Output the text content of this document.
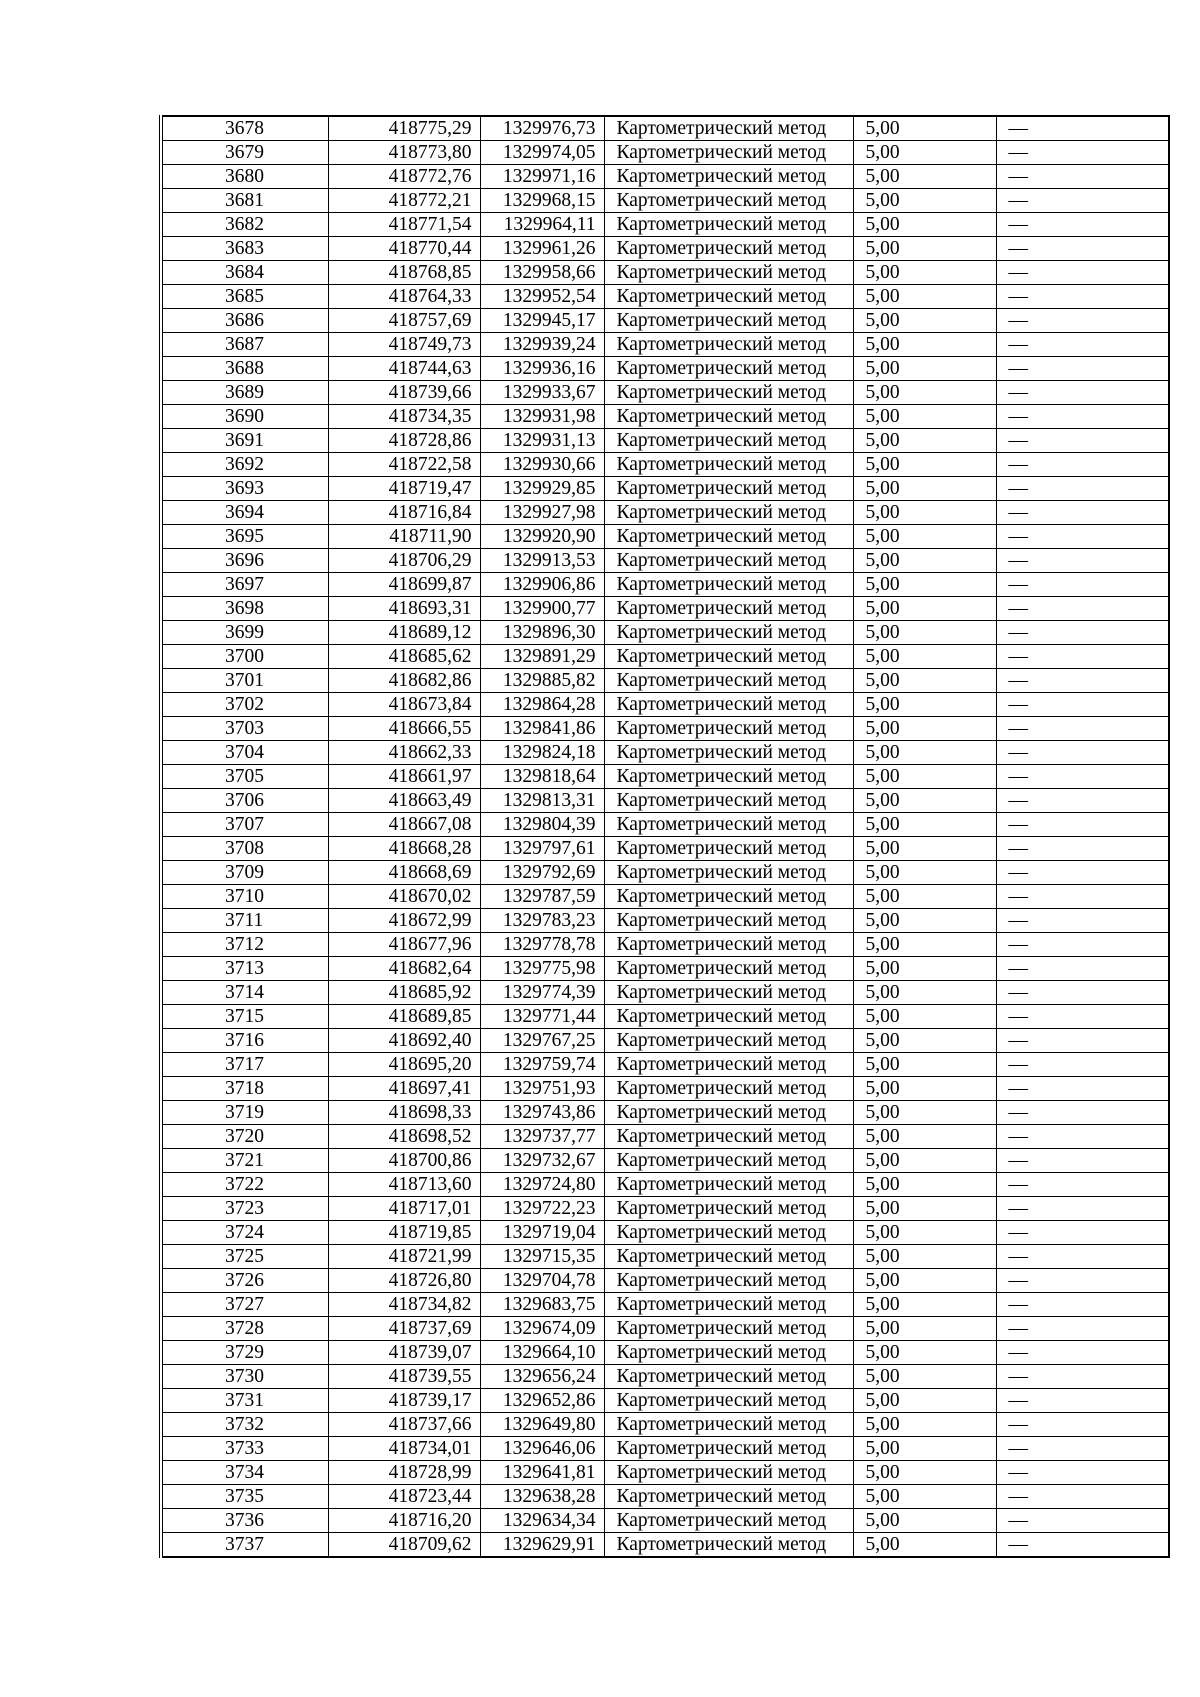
3678	418775,29	1329976,73	Картометрический метод	5,00	—
3679	418773,80	1329974,05	Картометрический метод	5,00	—
3680	418772,76	1329971,16	Картометрический метод	5,00	—
3681	418772,21	1329968,15	Картометрический метод	5,00	—
3682	418771,54	1329964,11	Картометрический метод	5,00	—
3683	418770,44	1329961,26	Картометрический метод	5,00	—
3684	418768,85	1329958,66	Картометрический метод	5,00	—
3685	418764,33	1329952,54	Картометрический метод	5,00	—
3686	418757,69	1329945,17	Картометрический метод	5,00	—
3687	418749,73	1329939,24	Картометрический метод	5,00	—
3688	418744,63	1329936,16	Картометрический метод	5,00	—
3689	418739,66	1329933,67	Картометрический метод	5,00	—
3690	418734,35	1329931,98	Картометрический метод	5,00	—
3691	418728,86	1329931,13	Картометрический метод	5,00	—
3692	418722,58	1329930,66	Картометрический метод	5,00	—
3693	418719,47	1329929,85	Картометрический метод	5,00	—
3694	418716,84	1329927,98	Картометрический метод	5,00	—
3695	418711,90	1329920,90	Картометрический метод	5,00	—
3696	418706,29	1329913,53	Картометрический метод	5,00	—
3697	418699,87	1329906,86	Картометрический метод	5,00	—
3698	418693,31	1329900,77	Картометрический метод	5,00	—
3699	418689,12	1329896,30	Картометрический метод	5,00	—
3700	418685,62	1329891,29	Картометрический метод	5,00	—
3701	418682,86	1329885,82	Картометрический метод	5,00	—
3702	418673,84	1329864,28	Картометрический метод	5,00	—
3703	418666,55	1329841,86	Картометрический метод	5,00	—
3704	418662,33	1329824,18	Картометрический метод	5,00	—
3705	418661,97	1329818,64	Картометрический метод	5,00	—
3706	418663,49	1329813,31	Картометрический метод	5,00	—
3707	418667,08	1329804,39	Картометрический метод	5,00	—
3708	418668,28	1329797,61	Картометрический метод	5,00	—
3709	418668,69	1329792,69	Картометрический метод	5,00	—
3710	418670,02	1329787,59	Картометрический метод	5,00	—
3711	418672,99	1329783,23	Картометрический метод	5,00	—
3712	418677,96	1329778,78	Картометрический метод	5,00	—
3713	418682,64	1329775,98	Картометрический метод	5,00	—
3714	418685,92	1329774,39	Картометрический метод	5,00	—
3715	418689,85	1329771,44	Картометрический метод	5,00	—
3716	418692,40	1329767,25	Картометрический метод	5,00	—
3717	418695,20	1329759,74	Картометрический метод	5,00	—
3718	418697,41	1329751,93	Картометрический метод	5,00	—
3719	418698,33	1329743,86	Картометрический метод	5,00	—
3720	418698,52	1329737,77	Картометрический метод	5,00	—
3721	418700,86	1329732,67	Картометрический метод	5,00	—
3722	418713,60	1329724,80	Картометрический метод	5,00	—
3723	418717,01	1329722,23	Картометрический метод	5,00	—
3724	418719,85	1329719,04	Картометрический метод	5,00	—
3725	418721,99	1329715,35	Картометрический метод	5,00	—
3726	418726,80	1329704,78	Картометрический метод	5,00	—
3727	418734,82	1329683,75	Картометрический метод	5,00	—
3728	418737,69	1329674,09	Картометрический метод	5,00	—
3729	418739,07	1329664,10	Картометрический метод	5,00	—
3730	418739,55	1329656,24	Картометрический метод	5,00	—
3731	418739,17	1329652,86	Картометрический метод	5,00	—
3732	418737,66	1329649,80	Картометрический метод	5,00	—
3733	418734,01	1329646,06	Картометрический метод	5,00	—
3734	418728,99	1329641,81	Картометрический метод	5,00	—
3735	418723,44	1329638,28	Картометрический метод	5,00	—
3736	418716,20	1329634,34	Картометрический метод	5,00	—
3737	418709,62	1329629,91	Картометрический метод	5,00	—
